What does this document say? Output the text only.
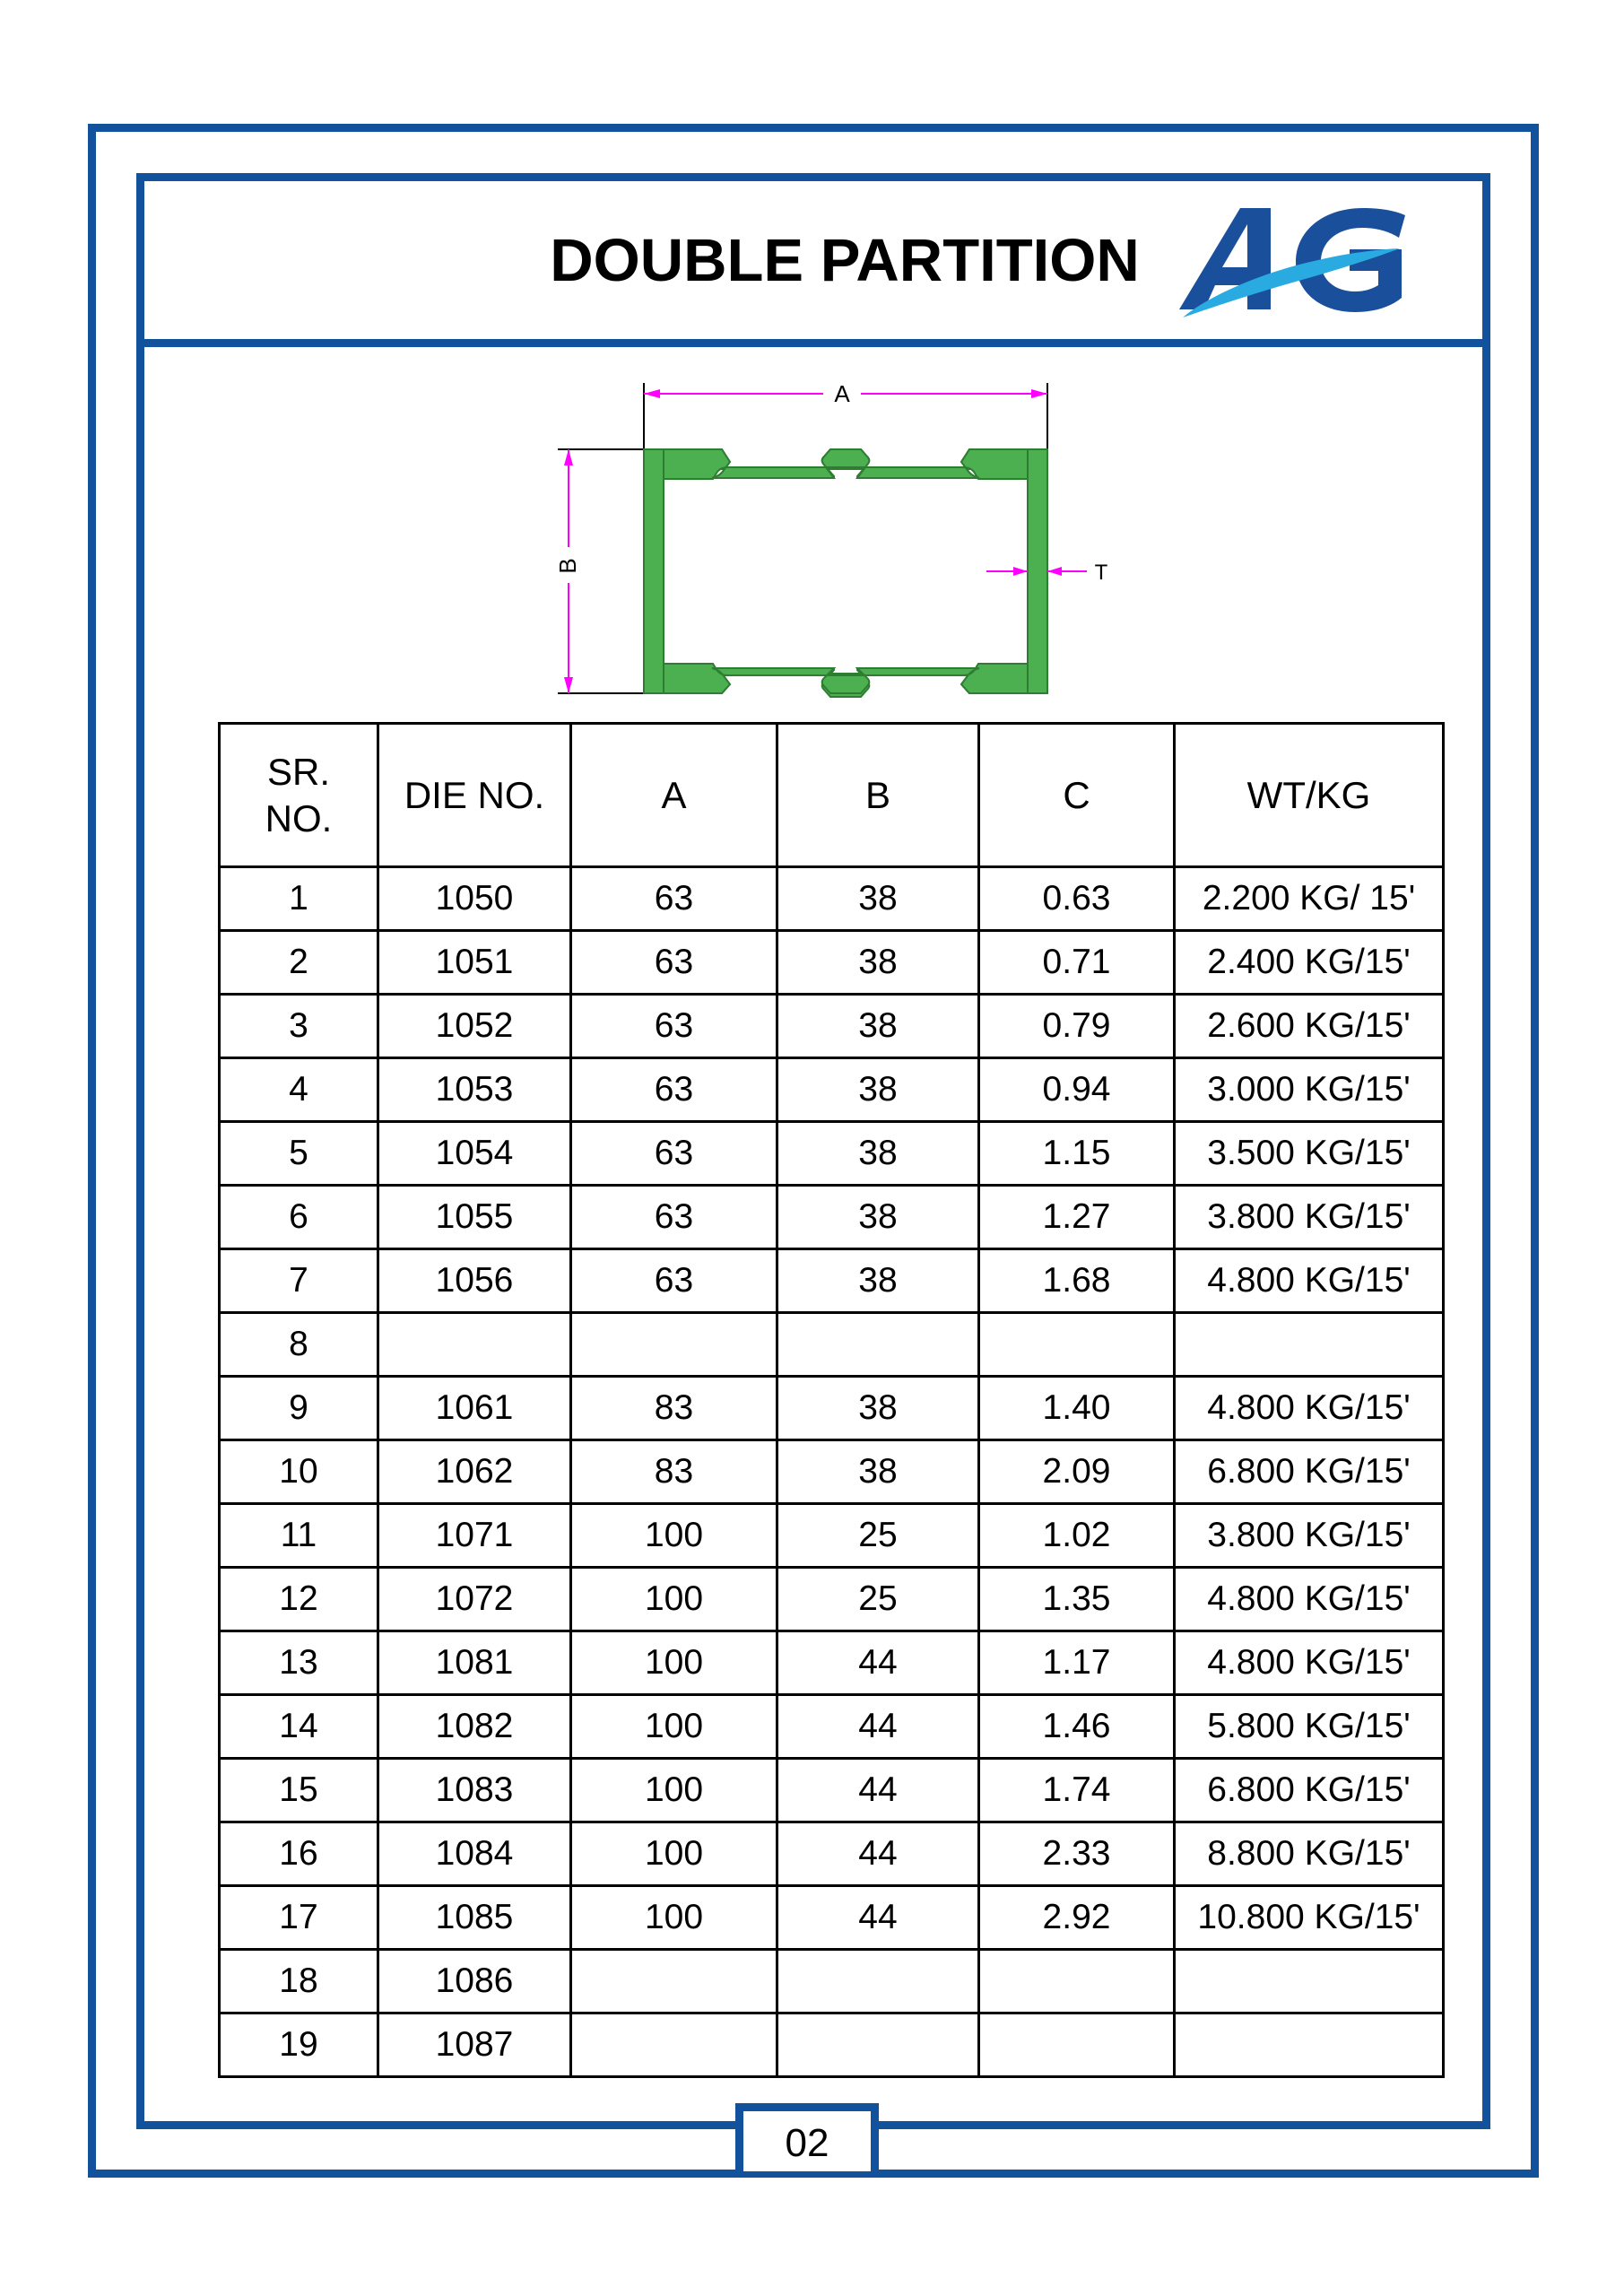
DOUBLE PARTITION
A
B	T
SR.
NO.	DIE NO.	A	B	C	WT/KG
1	1050	63	38	0.63	2.200 KG/ 15'
2	1051	63	38	0.71	2.400 KG/15'
3	1052	63	38	0.79	2.600 KG/15'
4	1053	63	38	0.94	3.000 KG/15'
5	1054	63	38	1.15	3.500 KG/15'
6	1055	63	38	1.27	3.800 KG/15'
7	1056	63	38	1.68	4.800 KG/15'
8					
9	1061	83	38	1.40	4.800 KG/15'
10	1062	83	38	2.09	6.800 KG/15'
11	1071	100	25	1.02	3.800 KG/15'
12	1072	100	25	1.35	4.800 KG/15'
13	1081	100	44	1.17	4.800 KG/15'
14	1082	100	44	1.46	5.800 KG/15'
15	1083	100	44	1.74	6.800 KG/15'
16	1084	100	44	2.33	8.800 KG/15'
17	1085	100	44	2.92	10.800 KG/15'
18	1086				
19	1087				
02
